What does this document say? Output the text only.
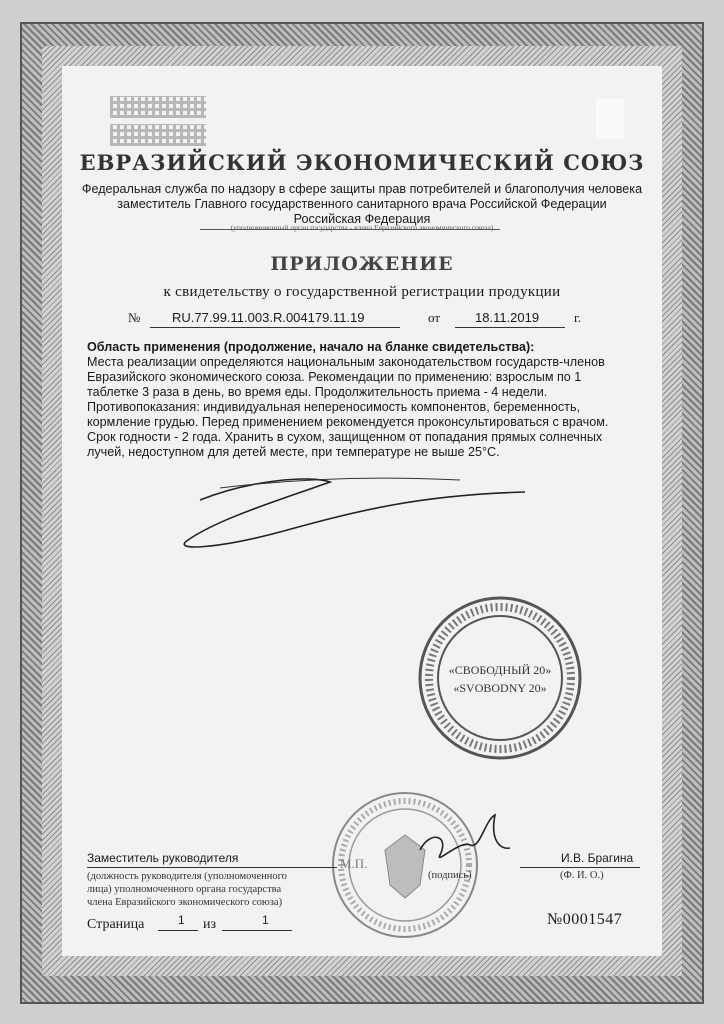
ЕВРАЗИЙСКИЙ ЭКОНОМИЧЕСКИЙ СОЮЗ
Федеральная служба по надзору в сфере защиты прав потребителей и благополучия человека
заместитель Главного государственного санитарного врача Российской Федерации
Российская Федерация
(уполномоченный орган государства - члена Евразийского экономического союза)
ПРИЛОЖЕНИЕ
к свидетельству о государственной регистрации продукции
№ RU.77.99.11.003.R.004179.11.19	от	18.11.2019	г.
Область применения (продолжение, начало на бланке свидетельства):
Места реализации определяются национальным законодательством государств-членов Евразийского экономического союза. Рекомендации по применению: взрослым по 1 таблетке 3 раза в день, во время еды. Продолжительность приема - 4 недели. Противопоказания: индивидуальная непереносимость компонентов, беременность, кормление грудью. Перед применением рекомендуется проконсультироваться с врачом. Срок годности - 2 года. Хранить в сухом, защищенном от попадания прямых солнечных лучей, недоступном для детей месте, при температуре не выше 25°С.
«СВОБОДНЫЙ 20»
«SVOBODNY 20»
Заместитель руководителя	И.В. Брагина
(должность руководителя (уполномоченного
лица) уполномоченного органа государства
члена Евразийского экономического союза)
М.П.
(подпись)	(Ф. И. О.)
Страница	1 из	1	№0001547
